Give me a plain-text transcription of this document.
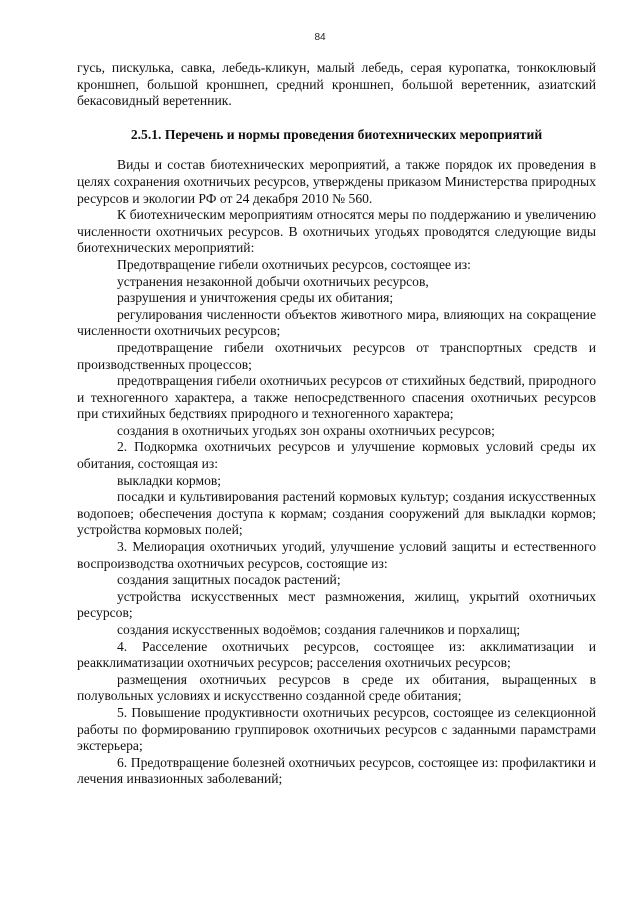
84

гусь, пискулька, савка, лебедь-кликун, малый лебедь, серая куропатка, тонкоклювый кроншнеп, большой кроншнеп, средний кроншнеп, большой веретенник, азиатский бекасовидный веретенник.

2.5.1. Перечень и нормы проведения биотехнических мероприятий

Виды и состав биотехнических мероприятий, а также порядок их проведения в целях сохранения охотничьих ресурсов, утверждены приказом Министерства природных ресурсов и экологии РФ от 24 декабря 2010 № 560.

К биотехническим мероприятиям относятся меры по поддержанию и увеличению численности охотничьих ресурсов. В охотничьих угодьях проводятся следующие виды биотехнических мероприятий:

Предотвращение гибели охотничьих ресурсов, состоящее из:

устранения незаконной добычи охотничьих ресурсов,

разрушения и уничтожения среды их обитания;

регулирования численности объектов животного мира, влияющих на сокращение численности охотничьих ресурсов;

предотвращение гибели охотничьих ресурсов от транспортных средств и производственных процессов;

предотвращения гибели охотничьих ресурсов от стихийных бедствий, природного и техногенного характера, а также непосредственного спасения охотничьих ресурсов при стихийных бедствиях природного и техногенного характера;

создания в охотничьих угодьях зон охраны охотничьих ресурсов;

2. Подкормка охотничьих ресурсов и улучшение кормовых условий среды их обитания, состоящая из:

выкладки кормов;

посадки и культивирования растений кормовых культур; создания искусственных водопоев; обеспечения доступа к кормам; создания сооружений для выкладки кормов; устройства кормовых полей;

3. Мелиорация охотничьих угодий, улучшение условий защиты и естественного воспроизводства охотничьих ресурсов, состоящие из:

создания защитных посадок растений;

устройства искусственных мест размножения, жилищ, укрытий охотничьих ресурсов;

создания искусственных водоёмов; создания галечников и порхалищ;

4. Расселение охотничьих ресурсов, состоящее из: акклиматизации и реакклиматизации охотничьих ресурсов; расселения охотничьих ресурсов;

размещения охотничьих ресурсов в среде их обитания, выращенных в полувольных условиях и искусственно созданной среде обитания;

5. Повышение продуктивности охотничьих ресурсов, состоящее из селекционной работы по формированию группировок охотничьих ресурсов с заданными парамстрами экстерьера;

6. Предотвращение болезней охотничьих ресурсов, состоящее из: профилактики и лечения инвазионных заболеваний;
